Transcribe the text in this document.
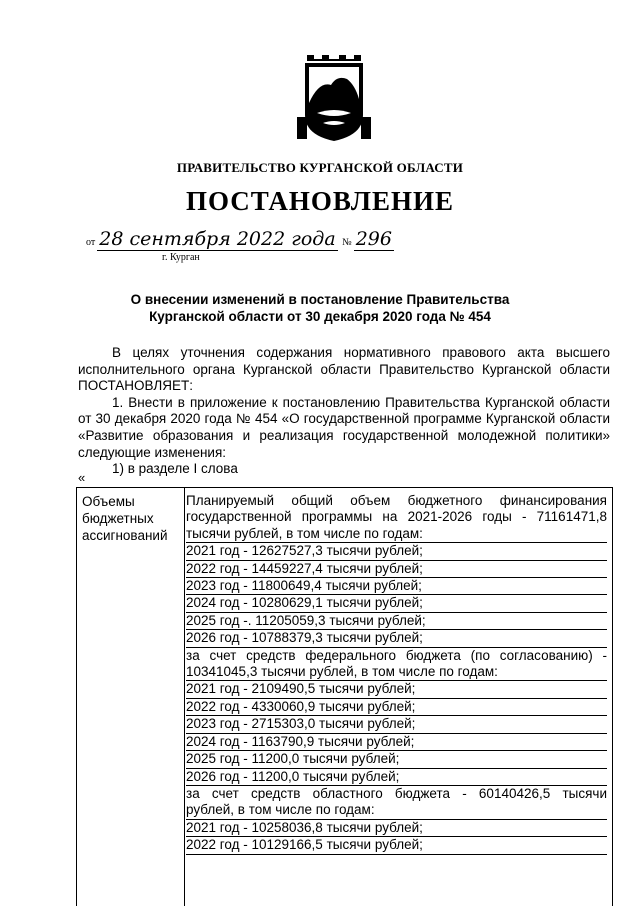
ПРАВИТЕЛЬСТВО КУРГАНСКОЙ ОБЛАСТИ
ПОСТАНОВЛЕНИЕ
от 28 сентября 2022 года № 296
г. Курган
О внесении изменений в постановление Правительства
Курганской области от 30 декабря 2020 года № 454

В целях уточнения содержания нормативного правового акта высшего исполнительного органа Курганской области Правительство Курганской области ПОСТАНОВЛЯЕТ:

1. Внести в приложение к постановлению Правительства Курганской области от 30 декабря 2020 года № 454 «О государственной программе Курганской области «Развитие образования и реализация государственной молодежной политики» следующие изменения:

1) в разделе I слова

«
Объемы бюджетных ассигнований
Планируемый общий объем бюджетного финансирования
государственной программы на 2021-2026 годы - 71161471,8
тысячи рублей, в том числе по годам:
2021 год - 12627527,3 тысячи рублей;
2022 год - 14459227,4 тысячи рублей;
2023 год - 11800649,4 тысячи рублей;
2024 год - 10280629,1 тысячи рублей;
2025 год -. 11205059,3 тысячи рублей;
2026 год - 10788379,3 тысячи рублей;
за счет средств федерального бюджета (по согласованию) -
10341045,3 тысячи рублей, в том числе по годам:
2021 год - 2109490,5 тысячи рублей;
2022 год - 4330060,9 тысячи рублей;
2023 год - 2715303,0 тысячи рублей;
2024 год - 1163790,9 тысячи рублей;
2025 год - 11200,0 тысячи рублей;
2026 год - 11200,0 тысячи рублей;
за счет средств областного бюджета - 60140426,5 тысячи
рублей, в том числе по годам:
2021 год - 10258036,8 тысячи рублей;
2022 год - 10129166,5 тысячи рублей;
